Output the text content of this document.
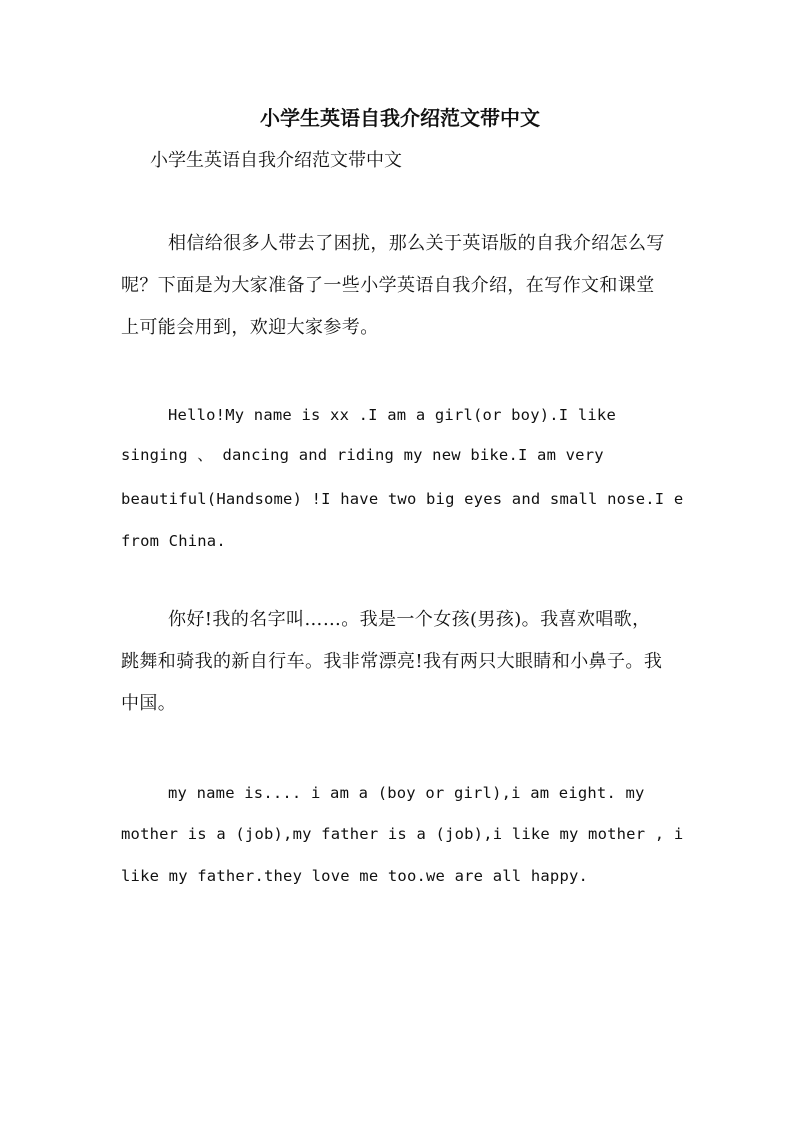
小学生英语自我介绍范文带中文
小学生英语自我介绍范文带中文
相信给很多人带去了困扰，那么关于英语版的自我介绍怎么写
呢？下面是为大家准备了一些小学英语自我介绍，在写作文和课堂
上可能会用到，欢迎大家参考。
Hello!My name is xx .I am a girl(or boy).I like
singing 、 dancing and riding my new bike.I am very
beautiful(Handsome) !I have two big eyes and small nose.I e
from China.
你好!我的名字叫……。我是一个女孩(男孩)。我喜欢唱歌，
跳舞和骑我的新自行车。我非常漂亮!我有两只大眼睛和小鼻子。我
中国。
my name is.... i am a (boy or girl),i am eight. my
mother is a (job),my father is a (job),i like my mother , i
like my father.they love me too.we are all happy.
